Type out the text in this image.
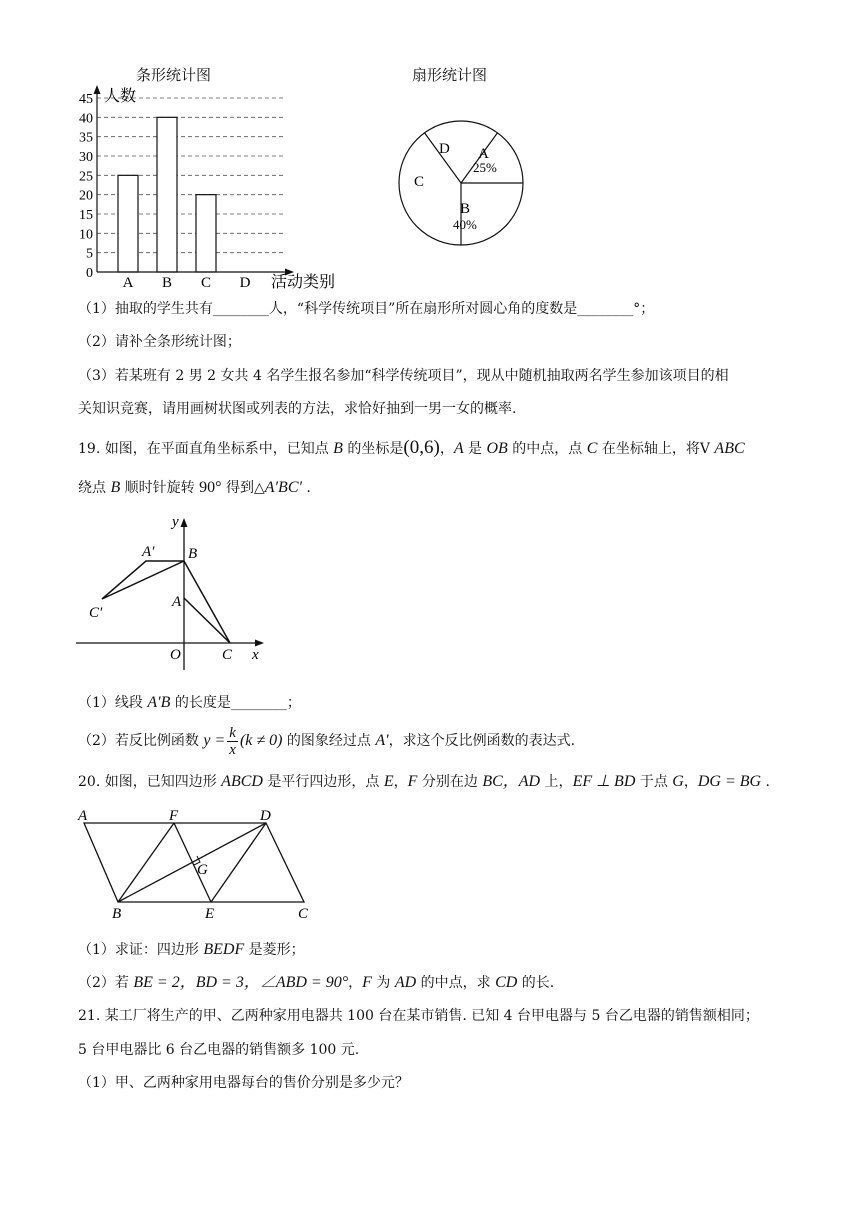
条形统计图	扇形统计图
0
5
10
15
20
25
30
35
40
45
A B C D
人数
活动类别
A
25%
B
40%
C
D
（1）抽取的学生共有________人，“科学传统项目”所在扇形所对圆心角的度数是________°；
（2）请补全条形统计图；
（3）若某班有 2 男 2 女共 4 名学生报名参加“科学传统项目”，现从中随机抽取两名学生参加该项目的相
关知识竞赛，请用画树状图或列表的方法，求恰好抽到一男一女的概率.
19. 如图，在平面直角坐标系中，已知点 B 的坐标是(0,6)，A 是 OB 的中点，点 C 在坐标轴上，将V ABC
绕点 B 顺时针旋转 90° 得到△A′BC′ .
y
A′ B
A
C′
O	C x
（1）线段 A′B 的长度是________；
（2）若反比例函数 $y = \frac{k}{x} (k \ne 0)$ 的图象经过点 A′，求这个反比例函数的表达式.
20. 如图，已知四边形 ABCD 是平行四边形，点 E，F 分别在边 BC，AD 上，EF ⊥ BD 于点 G，DG = BG .
A	F	D
G
B	E	C
（1）求证：四边形 BEDF 是菱形；
（2）若 BE = 2，BD = 3，∠ABD = 90°，F 为 AD 的中点，求 CD 的长.
21. 某工厂将生产的甲、乙两种家用电器共 100 台在某市销售. 已知 4 台甲电器与 5 台乙电器的销售额相同；
5 台甲电器比 6 台乙电器的销售额多 100 元.
（1）甲、乙两种家用电器每台的售价分别是多少元？
